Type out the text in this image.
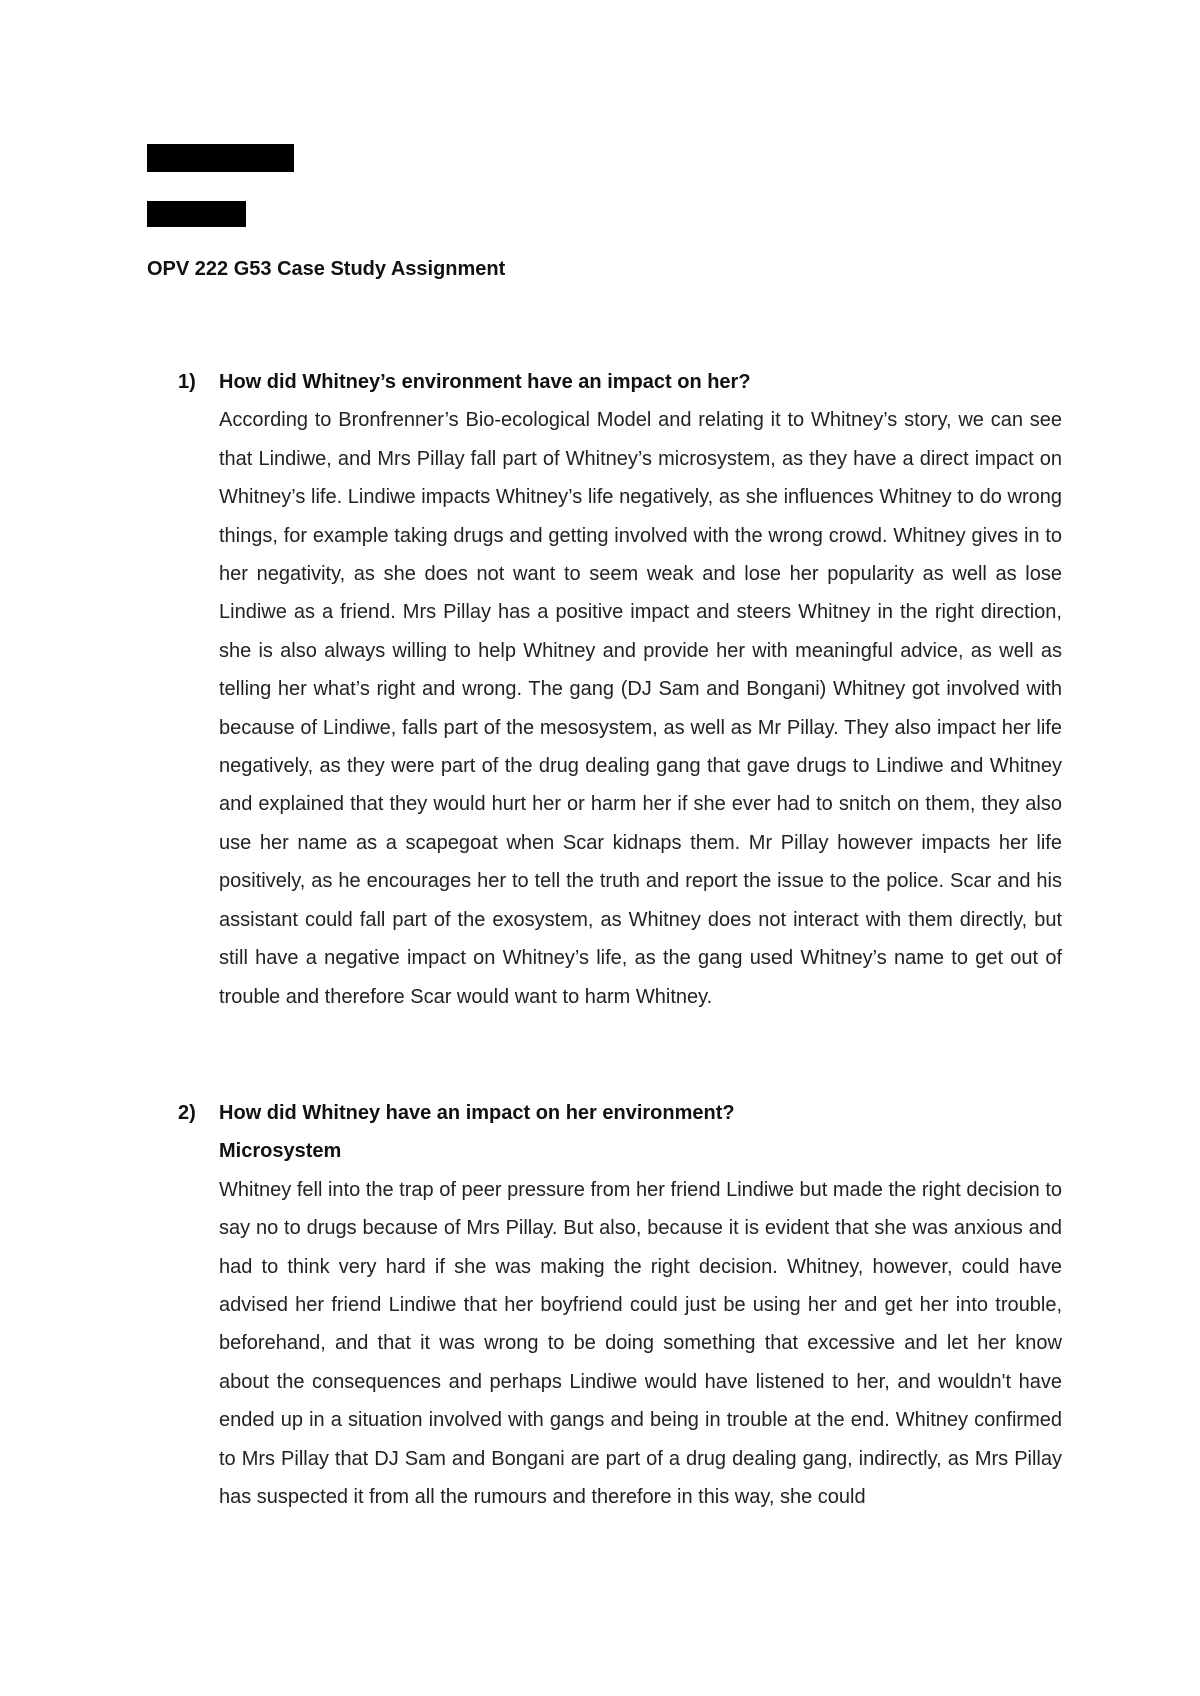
OPV 222 G53 Case Study Assignment
1) How did Whitney’s environment have an impact on her?
According to Bronfrenner’s Bio-ecological Model and relating it to Whitney’s story, we can see that Lindiwe, and Mrs Pillay fall part of Whitney’s microsystem, as they have a direct impact on Whitney’s life. Lindiwe impacts Whitney’s life negatively, as she influences Whitney to do wrong things, for example taking drugs and getting involved with the wrong crowd. Whitney gives in to her negativity, as she does not want to seem weak and lose her popularity as well as lose Lindiwe as a friend. Mrs Pillay has a positive impact and steers Whitney in the right direction, she is also always willing to help Whitney and provide her with meaningful advice, as well as telling her what’s right and wrong. The gang (DJ Sam and Bongani) Whitney got involved with because of Lindiwe, falls part of the mesosystem, as well as Mr Pillay. They also impact her life negatively, as they were part of the drug dealing gang that gave drugs to Lindiwe and Whitney and explained that they would hurt her or harm her if she ever had to snitch on them, they also use her name as a scapegoat when Scar kidnaps them. Mr Pillay however impacts her life positively, as he encourages her to tell the truth and report the issue to the police. Scar and his assistant could fall part of the exosystem, as Whitney does not interact with them directly, but still have a negative impact on Whitney’s life, as the gang used Whitney’s name to get out of trouble and therefore Scar would want to harm Whitney.
2) How did Whitney have an impact on her environment?
Microsystem
Whitney fell into the trap of peer pressure from her friend Lindiwe but made the right decision to say no to drugs because of Mrs Pillay. But also, because it is evident that she was anxious and had to think very hard if she was making the right decision. Whitney, however, could have advised her friend Lindiwe that her boyfriend could just be using her and get her into trouble, beforehand, and that it was wrong to be doing something that excessive and let her know about the consequences and perhaps Lindiwe would have listened to her, and wouldn't have ended up in a situation involved with gangs and being in trouble at the end. Whitney confirmed to Mrs Pillay that DJ Sam and Bongani are part of a drug dealing gang, indirectly, as Mrs Pillay has suspected it from all the rumours and therefore in this way, she could
